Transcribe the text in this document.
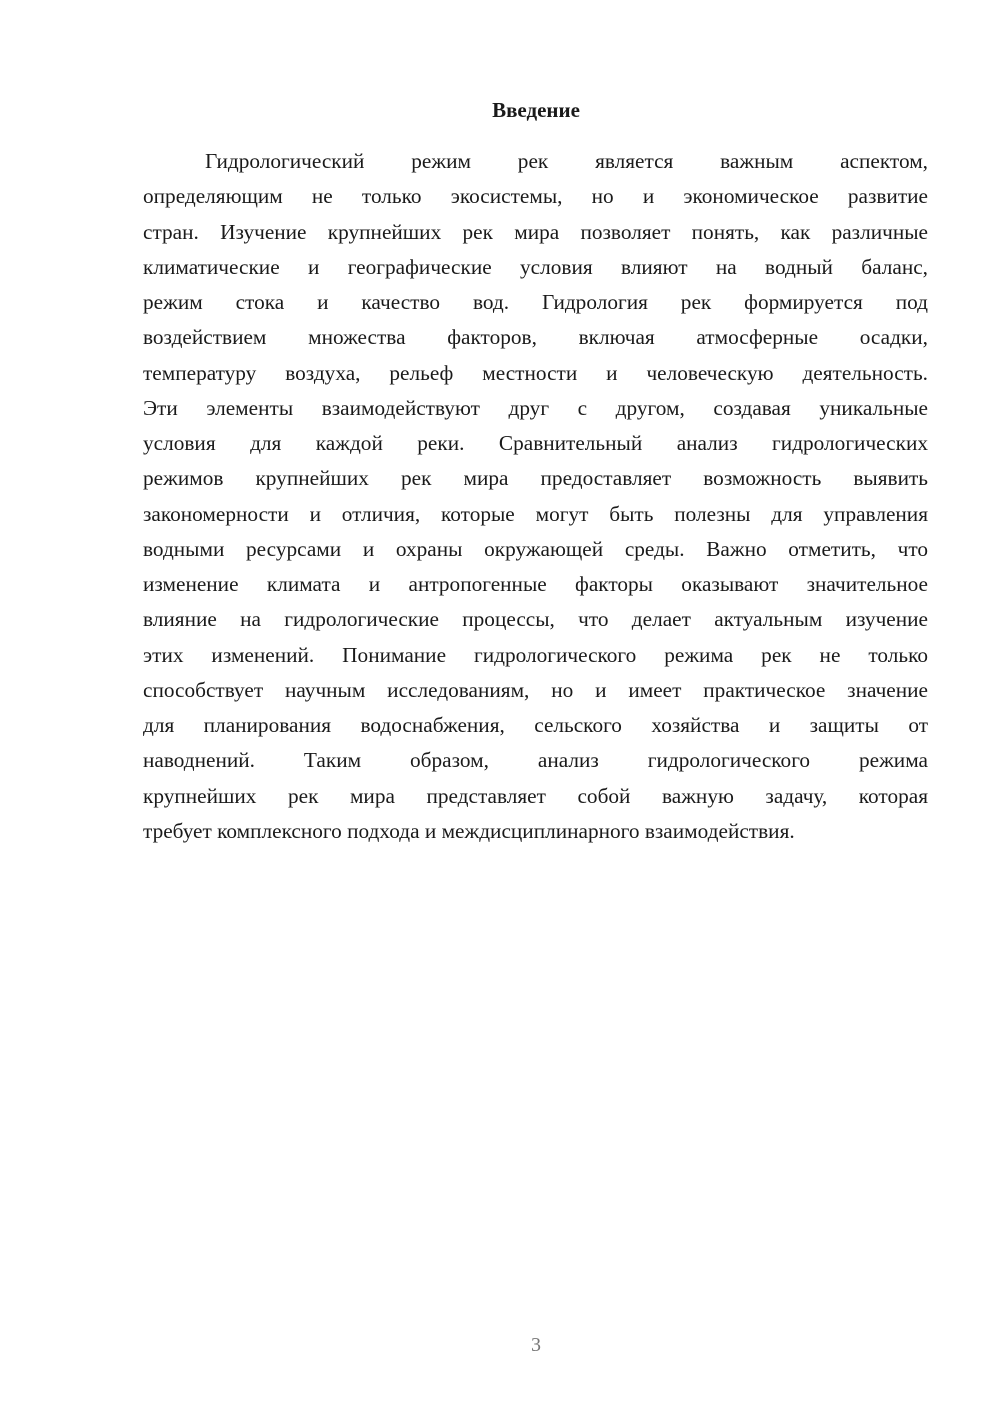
Введение
Гидрологический режим рек является важным аспектом,
определяющим не только экосистемы, но и экономическое развитие
стран. Изучение крупнейших рек мира позволяет понять, как различные
климатические и географические условия влияют на водный баланс,
режим стока и качество вод. Гидрология рек формируется под
воздействием множества факторов, включая атмосферные осадки,
температуру воздуха, рельеф местности и человеческую деятельность.
Эти элементы взаимодействуют друг с другом, создавая уникальные
условия для каждой реки. Сравнительный анализ гидрологических
режимов крупнейших рек мира предоставляет возможность выявить
закономерности и отличия, которые могут быть полезны для управления
водными ресурсами и охраны окружающей среды. Важно отметить, что
изменение климата и антропогенные факторы оказывают значительное
влияние на гидрологические процессы, что делает актуальным изучение
этих изменений. Понимание гидрологического режима рек не только
способствует научным исследованиям, но и имеет практическое значение
для планирования водоснабжения, сельского хозяйства и защиты от
наводнений. Таким образом, анализ гидрологического режима
крупнейших рек мира представляет собой важную задачу, которая
требует комплексного подхода и междисциплинарного взаимодействия.
3
